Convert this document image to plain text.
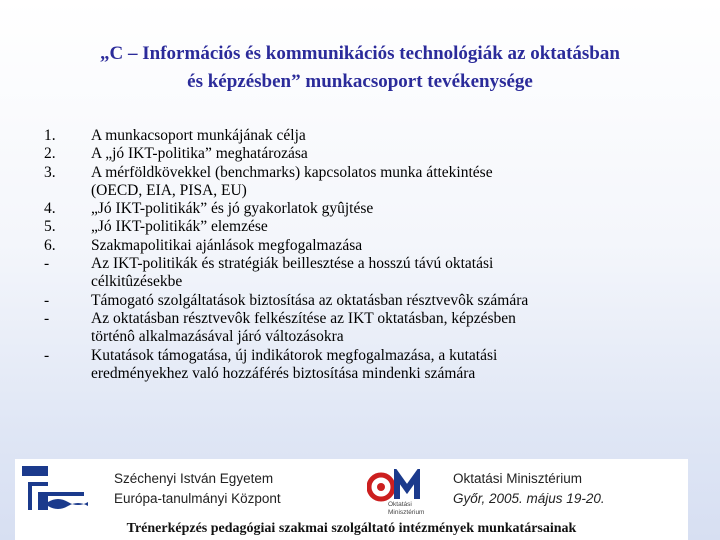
„C – Információs és kommunikációs technológiák az oktatásban
és képzésben” munkacsoport tevékenysége
1.	A munkacsoport munkájának célja
2.	A „jó IKT-politika” meghatározása
3.	A mérföldkövekkel (benchmarks) kapcsolatos munka áttekintése
(OECD, EIA, PISA, EU)
4.	„Jó IKT-politikák” és jó gyakorlatok gyûjtése
5.	„Jó IKT-politikák” elemzése
6.	Szakmapolitikai ajánlások megfogalmazása
-	Az IKT-politikák és stratégiák beillesztése a hosszú távú oktatási
célkitûzésekbe
-	Támogató szolgáltatások biztosítása az oktatásban résztvevôk számára
-	Az oktatásban résztvevôk felkészítése az IKT oktatásban, képzésben
történô alkalmazásával járó változásokra
-	Kutatások támogatása, új indikátorok megfogalmazása, a kutatási
eredményekhez való hozzáférés biztosítása mindenki számára
Széchenyi István Egyetem
Európa-tanulmányi Központ	Oktatási
Minisztérium
Oktatási Minisztérium
Győr, 2005. május 19-20.
Trénerképzés pedagógiai szakmai szolgáltató intézmények munkatársainak
